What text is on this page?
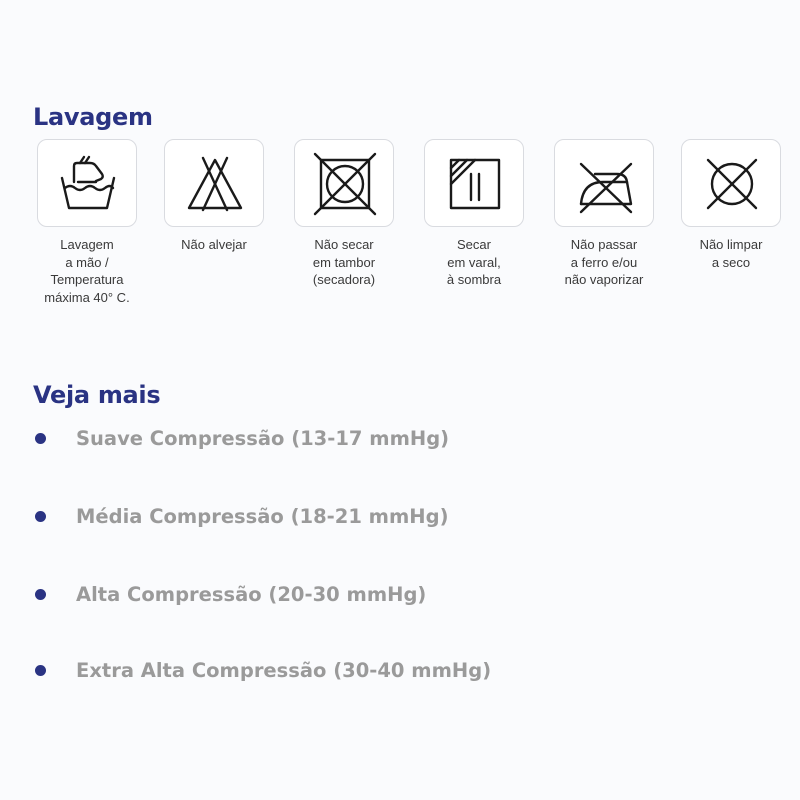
Lavagem
Lavagem
a mão /
Temperatura
máxima 40° C.
Não alvejar	Não secar
em tambor
(secadora)
Secar
em varal,
à sombra
Não passar
a ferro e/ou
não vaporizar
Não limpar
a seco
Veja mais
Suave Compressão (13-17 mmHg)
Média Compressão (18-21 mmHg)
Alta Compressão (20-30 mmHg)
Extra Alta Compressão (30-40 mmHg)
